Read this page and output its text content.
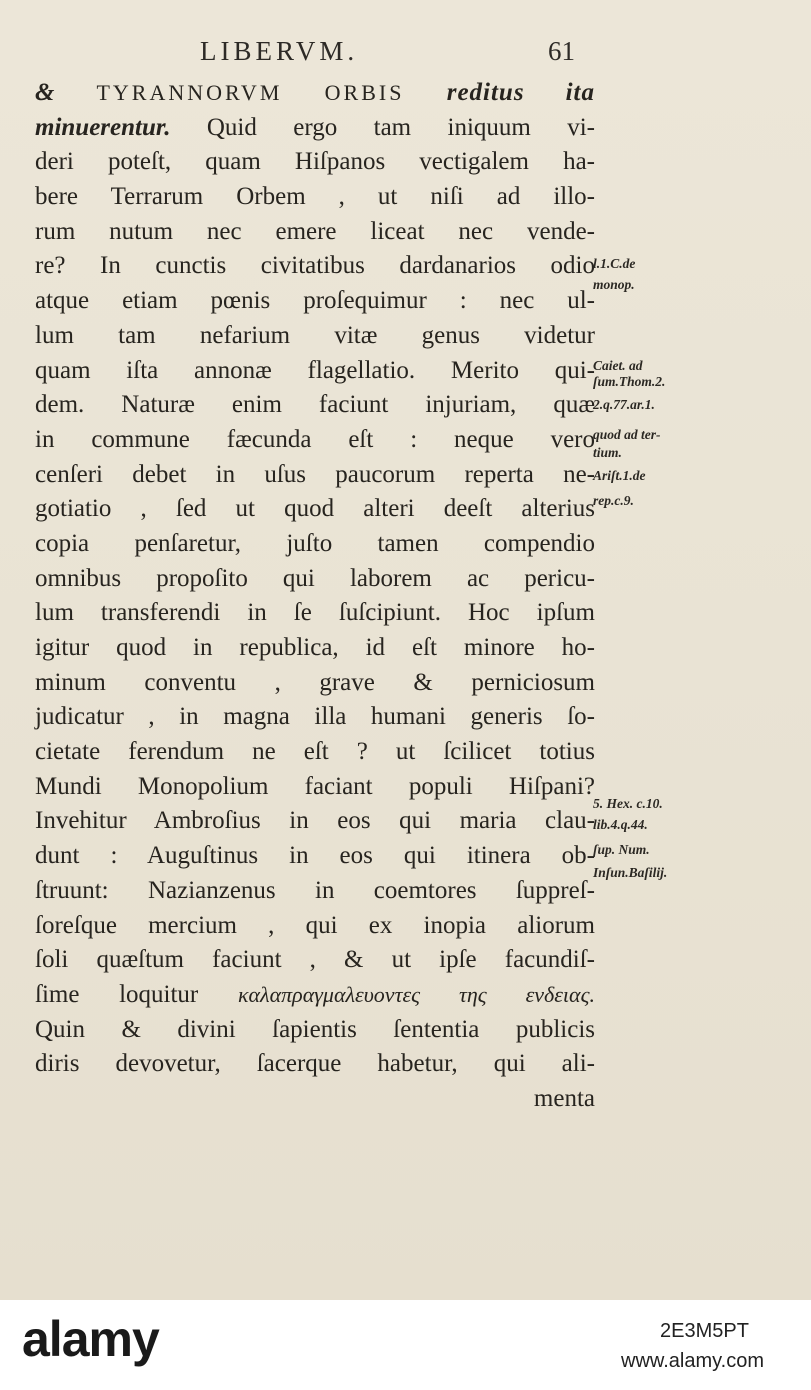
LIBERVM.	61
& TYRANNORVM ORBIS reditus ita
minuerentur. Quid ergo tam iniquum vi-
deri poteſt, quam Hiſpanos vectigalem ha-
bere Terrarum Orbem , ut niſi ad illo-
rum nutum nec emere liceat nec vende-
re? In cunctis civitatibus dardanarios odio
atque etiam pœnis proſequimur : nec ul-
lum tam nefarium vitæ genus videtur
quam iſta annonæ flagellatio. Merito qui-
dem. Naturæ enim faciunt injuriam, quæ
in commune fæcunda eſt : neque vero
cenſeri debet in uſus paucorum reperta ne-
gotiatio , ſed ut quod alteri deeſt alterius
copia penſaretur, juſto tamen compendio
omnibus propoſito qui laborem ac pericu-
lum transferendi in ſe ſuſcipiunt. Hoc ipſum
igitur quod in republica, id eſt minore ho-
minum conventu , grave & perniciosum
judicatur , in magna illa humani generis ſo-
cietate ferendum ne eſt ? ut ſcilicet totius
Mundi Monopolium faciant populi Hiſpani?
Invehitur Ambroſius in eos qui maria clau-
dunt : Auguſtinus in eos qui itinera ob-
ſtruunt: Nazianzenus in coemtores ſuppreſ-
ſoreſque mercium , qui ex inopia aliorum
ſoli quæſtum faciunt , & ut ipſe facundiſ-
ſime loquitur καλαπραγμαλευοντες της ενδειας.
Quin & divini ſapientis ſententia publicis
diris devovetur, ſacerque habetur, qui ali-
menta
l.1.C.de
monop.
Caiet. ad
ſum.Thom.2.
2.q.77.ar.1.
quod ad ter-
tium.
Ariſt.1.de
rep.c.9.
5. Hex. c.10.
lib.4.q.44.
ſup. Num.
Inſun.Baſilij.
alamy	2E3M5PT
www.alamy.com
